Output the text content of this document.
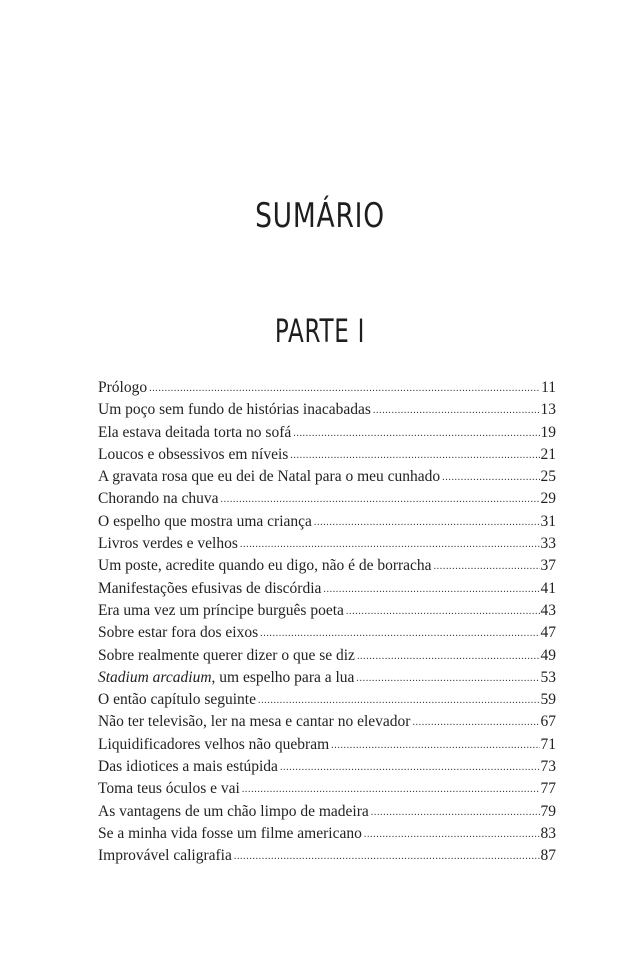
SUMÁRIO
PARTE I
Prólogo .....	11
Um poço sem fundo de histórias inacabadas .....	13
Ela estava deitada torta no sofá .....	19
Loucos e obsessivos em níveis .....	21
A gravata rosa que eu dei de Natal para o meu cunhado .....	25
Chorando na chuva .....	29
O espelho que mostra uma criança .....	31
Livros verdes e velhos .....	33
Um poste, acredite quando eu digo, não é de borracha .....	37
Manifestações efusivas de discórdia .....	41
Era uma vez um príncipe burguês poeta .....	43
Sobre estar fora dos eixos .....	47
Sobre realmente querer dizer o que se diz .....	49
Stadium arcadium, um espelho para a lua .....	53
O então capítulo seguinte .....	59
Não ter televisão, ler na mesa e cantar no elevador .....	67
Liquidificadores velhos não quebram .....	71
Das idiotices a mais estúpida .....	73
Toma teus óculos e vai .....	77
As vantagens de um chão limpo de madeira .....	79
Se a minha vida fosse um filme americano .....	83
Improvável caligrafia .....	87
